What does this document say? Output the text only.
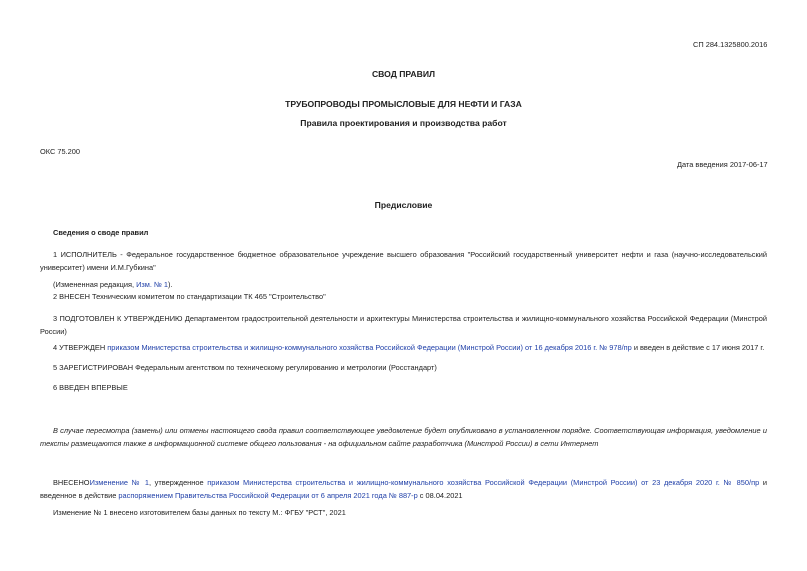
СП 284.1325800.2016
СВОД ПРАВИЛ
ТРУБОПРОВОДЫ ПРОМЫСЛОВЫЕ ДЛЯ НЕФТИ И ГАЗА
Правила проектирования и производства работ
ОКС 75.200
Дата введения 2017-06-17
Предисловие
Сведения о своде правил
1 ИСПОЛНИТЕЛЬ - Федеральное государственное бюджетное образовательное учреждение высшего образования "Российский государственный университет нефти и газа (научно-исследовательский университет) имени И.М.Губкина"
(Измененная редакция, Изм. № 1).
2 ВНЕСЕН Техническим комитетом по стандартизации ТК 465 "Строительство"
3 ПОДГОТОВЛЕН К УТВЕРЖДЕНИЮ Департаментом градостроительной деятельности и архитектуры Министерства строительства и жилищно-коммунального хозяйства Российской Федерации (Минстрой России)
4 УТВЕРЖДЕН приказом Министерства строительства и жилищно-коммунального хозяйства Российской Федерации (Минстрой России) от 16 декабря 2016 г. № 978/пр и введен в действие с 17 июня 2017 г.
5 ЗАРЕГИСТРИРОВАН Федеральным агентством по техническому регулированию и метрологии (Росстандарт)
6 ВВЕДЕН ВПЕРВЫЕ
В случае пересмотра (замены) или отмены настоящего свода правил соответствующее уведомление будет опубликовано в установленном порядке. Соответствующая информация, уведомление и тексты размещаются также в информационной системе общего пользования - на официальном сайте разработчика (Минстрой России) в сети Интернет
ВНЕСЕНОИзменение № 1, утвержденное приказом Министерства строительства и жилищно-коммунального хозяйства Российской Федерации (Минстрой России) от 23 декабря 2020 г. № 850/пр и введенное в действие распоряжением Правительства Российской Федерации от 6 апреля 2021 года № 887-р с 08.04.2021
Изменение № 1 внесено изготовителем базы данных по тексту М.: ФГБУ "РСТ", 2021
